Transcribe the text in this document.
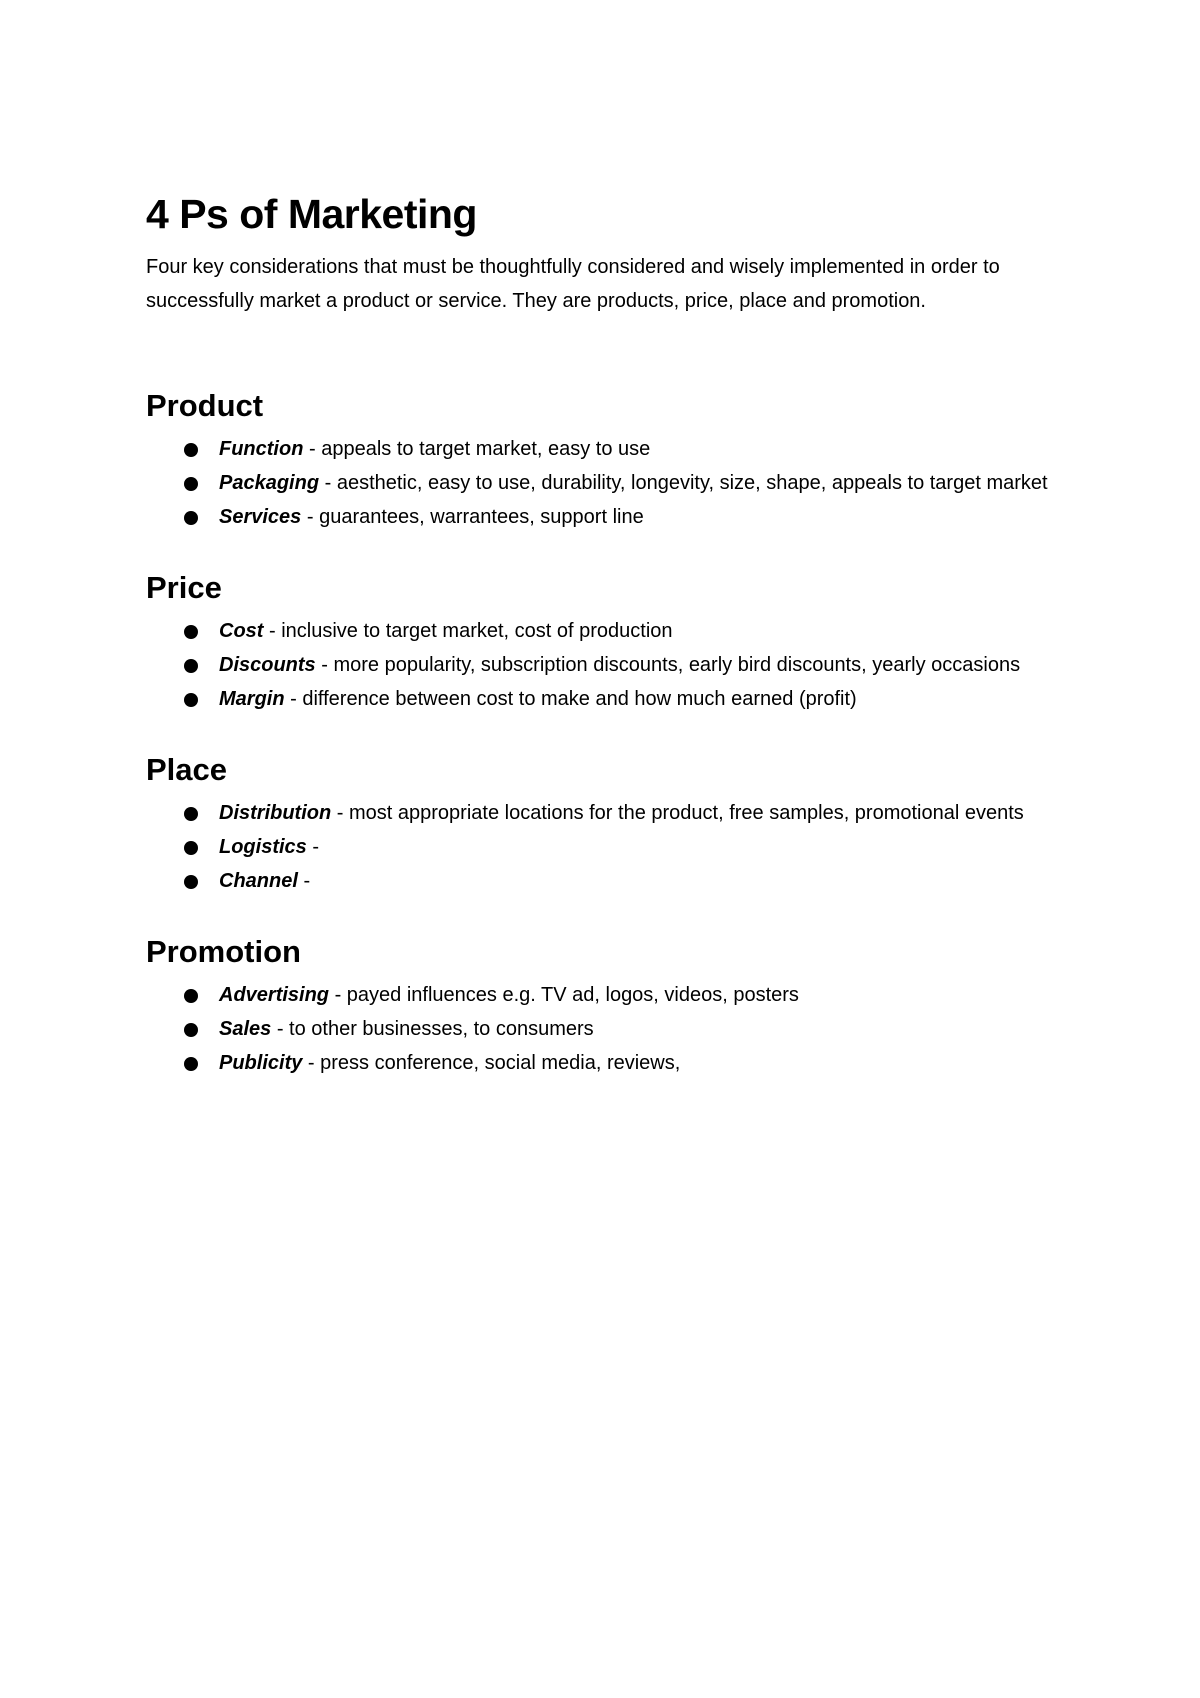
4 Ps of Marketing

Four key considerations that must be thoughtfully considered and wisely implemented in order to successfully market a product or service. They are products, price, place and promotion.

Product
Function - appeals to target market, easy to use
Packaging - aesthetic, easy to use, durability, longevity, size, shape, appeals to target market
Services - guarantees, warrantees, support line
Price
Cost - inclusive to target market, cost of production
Discounts - more popularity, subscription discounts, early bird discounts, yearly occasions
Margin - difference between cost to make and how much earned (profit)
Place
Distribution - most appropriate locations for the product, free samples, promotional events
Logistics -
Channel -
Promotion
Advertising - payed influences e.g. TV ad, logos, videos, posters
Sales - to other businesses, to consumers
Publicity - press conference, social media, reviews,
